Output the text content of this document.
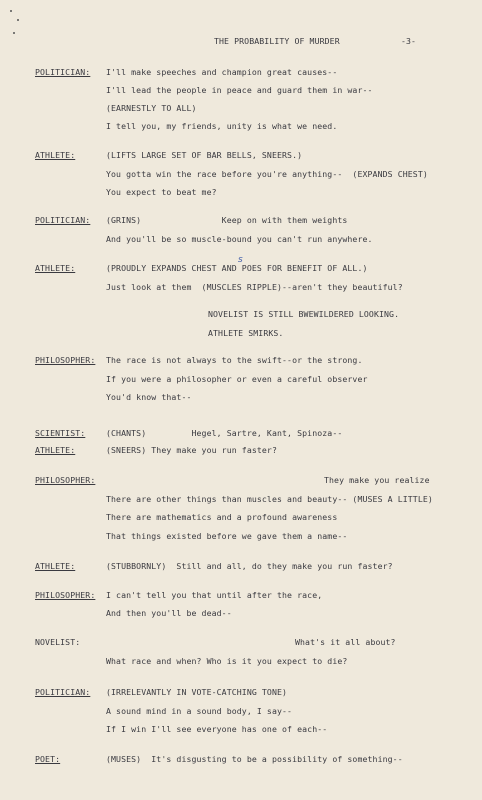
THE PROBABILITY OF MURDER	-3-
POLITICIAN: I'll make speeches and champion great causes--
I'll lead the people in peace and guard them in war--
(EARNESTLY TO ALL)
I tell you, my friends, unity is what we need.
ATHLETE:	(LIFTS LARGE SET OF BAR BELLS, SNEERS.)
You gotta win the race before you're anything--  (EXPANDS CHEST)
You expect to beat me?
POLITICIAN: (GRINS)                Keep on with them weights
And you'll be so muscle-bound you can't run anywhere.
ATHLETE:	(PROUDLY EXPANDS CHEST AND POES FOR BENEFIT OF ALL.)
s
Just look at them  (MUSCLES RIPPLE)--aren't they beautiful?
NOVELIST IS STILL BWEWILDERED LOOKING.
ATHLETE SMIRKS.
PHILOSOPHER: The race is not always to the swift--or the strong.
If you were a philosopher or even a careful observer
You'd know that--
SCIENTIST:	(CHANTS)         Hegel, Sartre, Kant, Spinoza--
ATHLETE:	(SNEERS) They make you run faster?
PHILOSOPHER:	They make you realize
There are other things than muscles and beauty-- (MUSES A LITTLE)
There are mathematics and a profound awareness
That things existed before we gave them a name--
ATHLETE:	(STUBBORNLY)  Still and all, do they make you run faster?
PHILOSOPHER: I can't tell you that until after the race,
And then you'll be dead--
NOVELIST:	What's it all about?
What race and when? Who is it you expect to die?
POLITICIAN: (IRRELEVANTLY IN VOTE-CATCHING TONE)
A sound mind in a sound body, I say--
If I win I'll see everyone has one of each--
POET:	(MUSES)  It's disgusting to be a possibility of something--
